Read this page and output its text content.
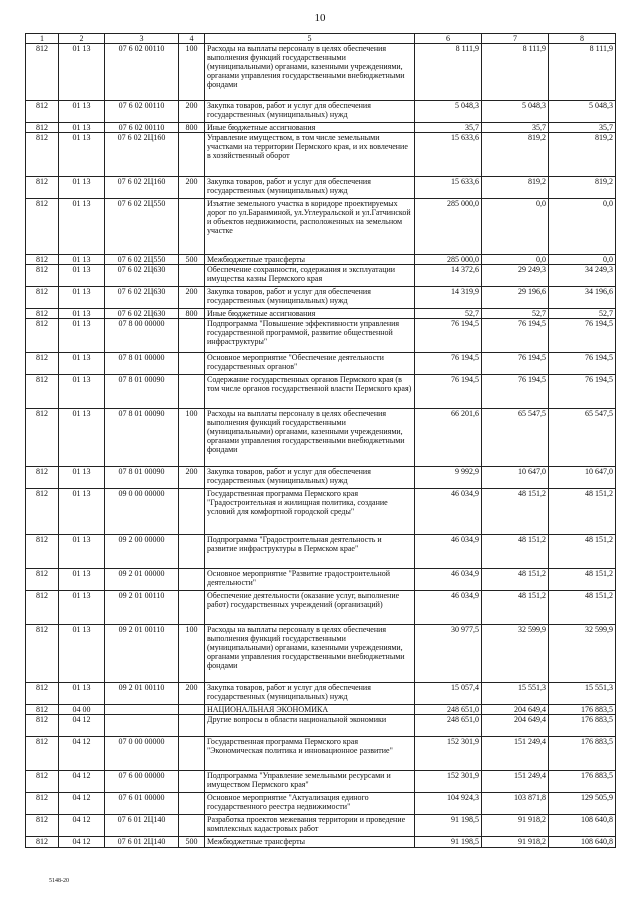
10
1	2	3	4	5	6	7	8
812	01 13	07 6 02 00110	100	Расходы на выплаты персоналу в целях обеспечения выполнения функций государственными (муниципальными) органами, казенными учреждениями, органами управления государственными внебюджетными фондами	8 111,9	8 111,9	8 111,9
812	01 13	07 6 02 00110	200	Закупка товаров, работ и услуг для обеспечения государственных (муниципальных) нужд	5 048,3	5 048,3	5 048,3
812	01 13	07 6 02 00110	800	Иные бюджетные ассигнования	35,7	35,7	35,7
812	01 13	07 6 02 2Ц160		Управление имуществом, в том числе земельными участками на территории Пермского края, и их вовлечение в хозяйственный оборот	15 633,6	819,2	819,2
812	01 13	07 6 02 2Ц160	200	Закупка товаров, работ и услуг для обеспечения государственных (муниципальных) нужд	15 633,6	819,2	819,2
812	01 13	07 6 02 2Ц550		Изъятие земельного участка в коридоре проектируемых дорог по ул.Баранминой, ул.Углеуральской и ул.Гатчинской и объектов недвижимости, расположенных на земельном участке	285 000,0	0,0	0,0
812	01 13	07 6 02 2Ц550	500	Межбюджетные трансферты	285 000,0	0,0	0,0
812	01 13	07 6 02 2Ц630		Обеспечение сохранности, содержания и эксплуатации имущества казны Пермского края	14 372,6	29 249,3	34 249,3
812	01 13	07 6 02 2Ц630	200	Закупка товаров, работ и услуг для обеспечения государственных (муниципальных) нужд	14 319,9	29 196,6	34 196,6
812	01 13	07 6 02 2Ц630	800	Иные бюджетные ассигнования	52,7	52,7	52,7
812	01 13	07 8 00 00000		Подпрограмма "Повышение эффективности управления государственной программой, развитие общественной инфраструктуры"	76 194,5	76 194,5	76 194,5
812	01 13	07 8 01 00000		Основное мероприятие "Обеспечение деятельности государственных органов"	76 194,5	76 194,5	76 194,5
812	01 13	07 8 01 00090		Содержание государственных органов Пермского края (в том числе органов государственной власти Пермского края)	76 194,5	76 194,5	76 194,5
812	01 13	07 8 01 00090	100	Расходы на выплаты персоналу в целях обеспечения выполнения функций государственными (муниципальными) органами, казенными учреждениями, органами управления государственными внебюджетными фондами	66 201,6	65 547,5	65 547,5
812	01 13	07 8 01 00090	200	Закупка товаров, работ и услуг для обеспечения государственных (муниципальных) нужд	9 992,9	10 647,0	10 647,0
812	01 13	09 0 00 00000		Государственная программа Пермского края "Градостроительная и жилищная политика, создание условий для комфортной городской среды"	46 034,9	48 151,2	48 151,2
812	01 13	09 2 00 00000		Подпрограмма "Градостроительная деятельность и развитие инфраструктуры в Пермском крае"	46 034,9	48 151,2	48 151,2
812	01 13	09 2 01 00000		Основное мероприятие "Развитие градостроительной деятельности"	46 034,9	48 151,2	48 151,2
812	01 13	09 2 01 00110		Обеспечение деятельности (оказание услуг, выполнение работ) государственных учреждений (организаций)	46 034,9	48 151,2	48 151,2
812	01 13	09 2 01 00110	100	Расходы на выплаты персоналу в целях обеспечения выполнения функций государственными (муниципальными) органами, казенными учреждениями, органами управления государственными внебюджетными фондами	30 977,5	32 599,9	32 599,9
812	01 13	09 2 01 00110	200	Закупка товаров, работ и услуг для обеспечения государственных (муниципальных) нужд	15 057,4	15 551,3	15 551,3
812	04 00			НАЦИОНАЛЬНАЯ ЭКОНОМИКА	248 651,0	204 649,4	176 883,5
812	04 12			Другие вопросы в области национальной экономики	248 651,0	204 649,4	176 883,5
812	04 12	07 0 00 00000		Государственная программа Пермского края "Экономическая политика и инновационное развитие"	152 301,9	151 249,4	176 883,5
812	04 12	07 6 00 00000		Подпрограмма "Управление земельными ресурсами и имуществом Пермского края"	152 301,9	151 249,4	176 883,5
812	04 12	07 6 01 00000		Основное мероприятие "Актуализация единого государственного реестра недвижимости"	104 924,3	103 871,8	129 505,9
812	04 12	07 6 01 2Ц140		Разработка проектов межевания территории и проведение комплексных кадастровых работ	91 198,5	91 918,2	108 640,8
812	04 12	07 6 01 2Ц140	500	Межбюджетные трансферты	91 198,5	91 918,2	108 640,8
5148-20
